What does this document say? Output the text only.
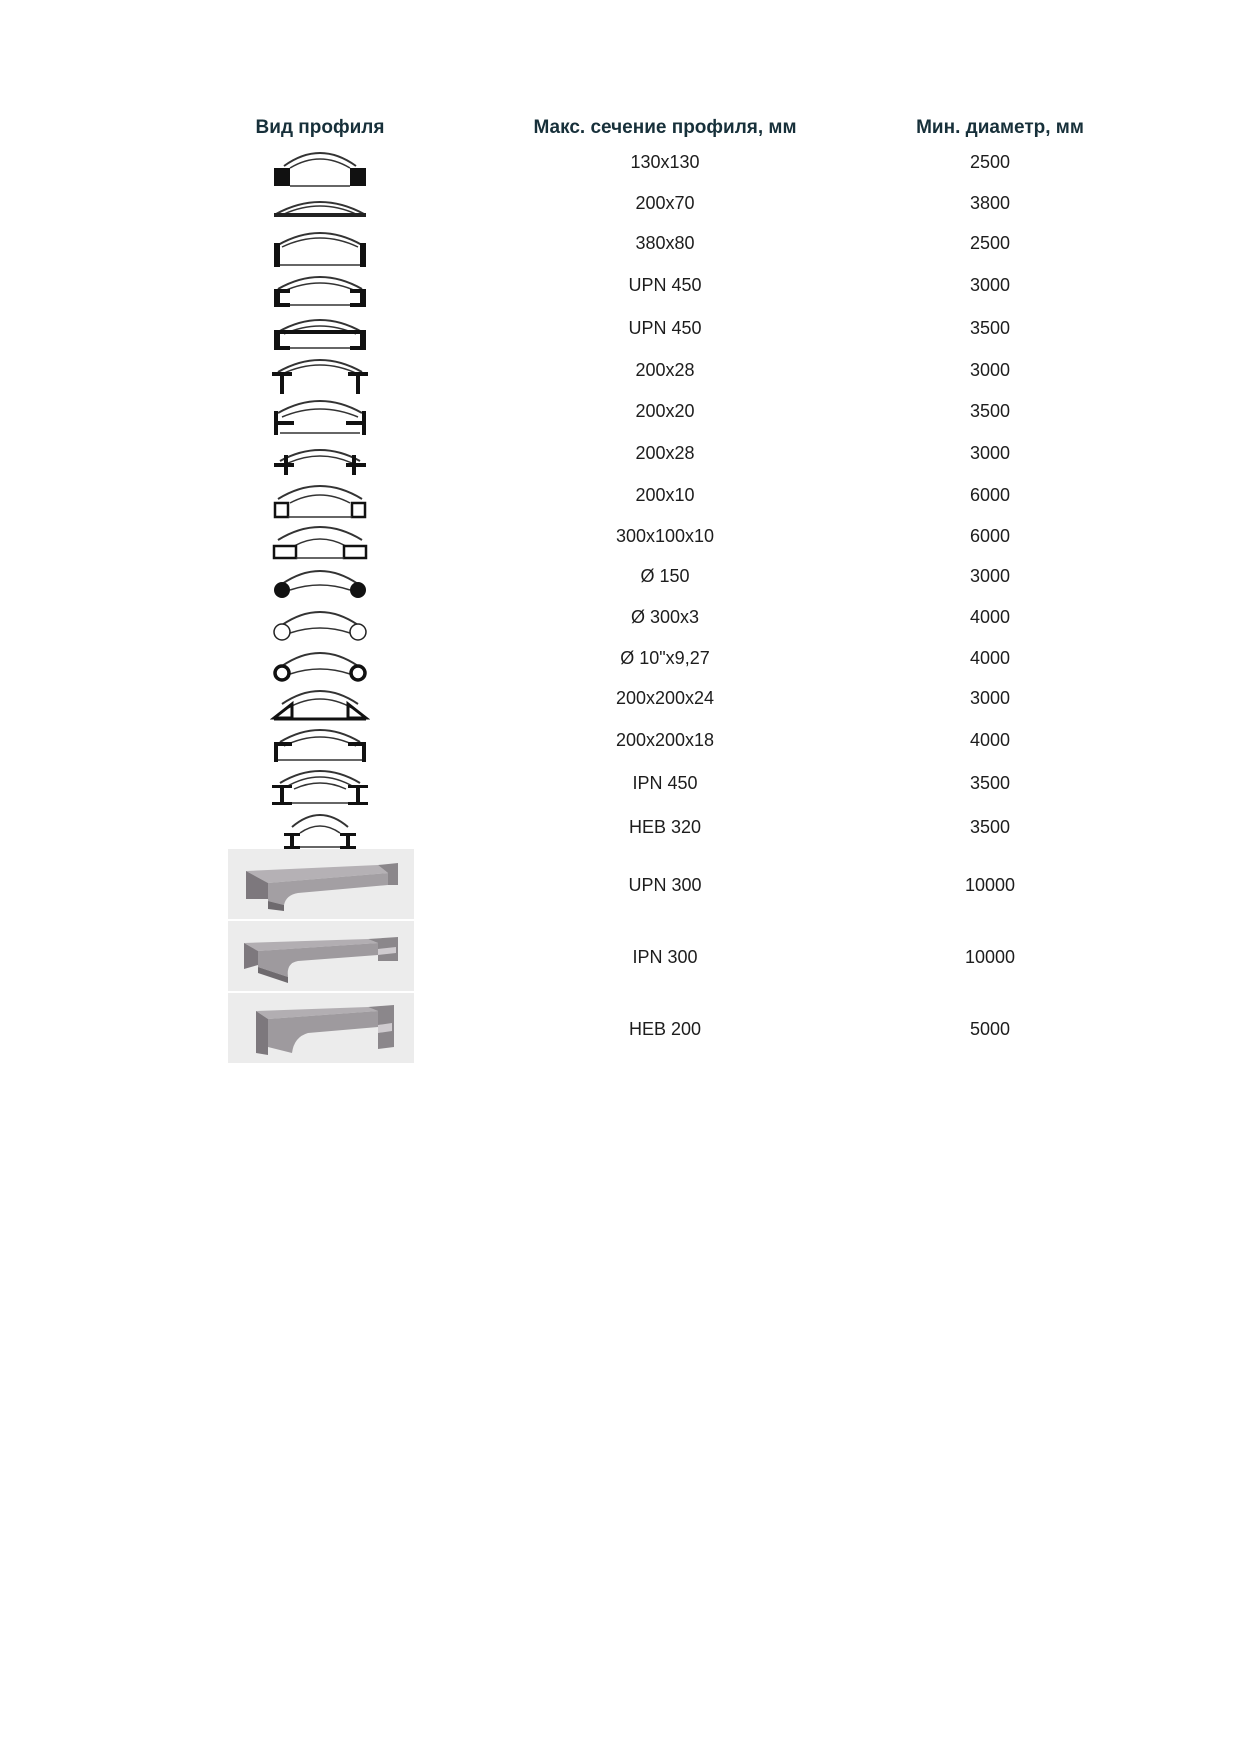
Вид профиля	Макс. сечение профиля, мм	Мин. диаметр, мм
130x130	2500
200x70	3800
380x80	2500
UPN 450	3000
UPN 450	3500
200x28	3000
200x20	3500
200x28	3000
200x10	6000
300x100x10	6000
Ø 150	3000
Ø 300x3	4000
Ø 10"x9,27	4000
200x200x24	3000
200x200x18	4000
IPN 450	3500
HEB 320	3500
UPN 300	10000
IPN 300	10000
HEB 200	5000
